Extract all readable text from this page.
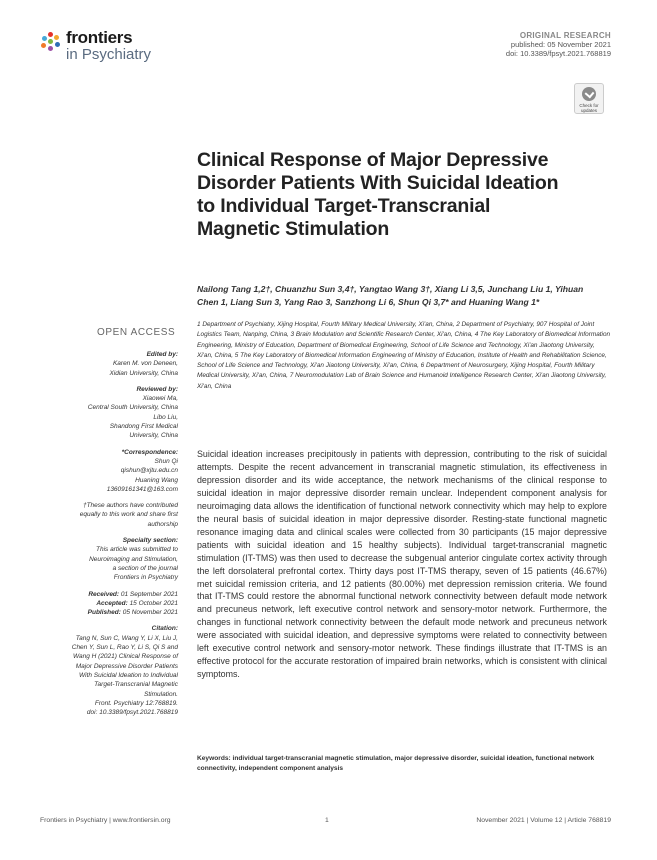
frontiers
in Psychiatry
ORIGINAL RESEARCH
published: 05 November 2021
doi: 10.3389/fpsyt.2021.768819
Check for updates
Clinical Response of Major Depressive Disorder Patients With Suicidal Ideation to Individual Target-Transcranial Magnetic Stimulation
Nailong Tang 1,2†, Chuanzhu Sun 3,4†, Yangtao Wang 3†, Xiang Li 3,5, Junchang Liu 1, Yihuan Chen 1, Liang Sun 3, Yang Rao 3, Sanzhong Li 6, Shun Qi 3,7* and Huaning Wang 1*
1 Department of Psychiatry, Xijing Hospital, Fourth Military Medical University, Xi'an, China, 2 Department of Psychiatry, 907 Hospital of Joint Logistics Team, Nanping, China, 3 Brain Modulation and Scientific Research Center, Xi'an, China, 4 The Key Laboratory of Biomedical Information Engineering, Ministry of Education, Department of Biomedical Engineering, School of Life Science and Technology, Xi'an Jiaotong University, Xi'an, China, 5 The Key Laboratory of Biomedical Information Engineering of Ministry of Education, Institute of Health and Rehabilitation Science, School of Life Science and Technology, Xi'an Jiaotong University, Xi'an, China, 6 Department of Neurosurgery, Xijing Hospital, Fourth Military Medical University, Xi'an, China, 7 Neuromodulation Lab of Brain Science and Humanoid Intelligence Research Center, Xi'an Jiaotong University, Xi'an, China
OPEN ACCESS
Edited by:
Karen M. von Deneen,
Xidian University, China
Reviewed by:
Xiaowei Ma,
Central South University, China
Libo Liu,
Shandong First Medical
University, China
*Correspondence:
Shun Qi
qishun@xjtu.edu.cn
Huaning Wang
13609161341@163.com
†These authors have contributed
equally to this work and share first
authorship
Specialty section:
This article was submitted to
Neuroimaging and Stimulation,
a section of the journal
Frontiers in Psychiatry
Received: 01 September 2021
Accepted: 15 October 2021
Published: 05 November 2021
Citation:
Tang N, Sun C, Wang Y, Li X, Liu J,
Chen Y, Sun L, Rao Y, Li S, Qi S and
Wang H (2021) Clinical Response of
Major Depressive Disorder Patients
With Suicidal Ideation to Individual
Target-Transcranial Magnetic
Stimulation.
Front. Psychiatry 12:768819.
doi: 10.3389/fpsyt.2021.768819

Suicidal ideation increases precipitously in patients with depression, contributing to the risk of suicidal attempts. Despite the recent advancement in transcranial magnetic stimulation, its effectiveness in depression disorder and its wide acceptance, the network mechanisms of the clinical response to suicidal ideation in major depressive disorder remain unclear. Independent component analysis for neuroimaging data allows the identification of functional network connectivity which may help to explore the neural basis of suicidal ideation in major depressive disorder. Resting-state functional magnetic resonance imaging data and clinical scales were collected from 30 participants (15 major depressive patients with suicidal ideation and 15 healthy subjects). Individual target-transcranial magnetic stimulation (IT-TMS) was then used to decrease the subgenual anterior cingulate cortex activity through the left dorsolateral prefrontal cortex. Thirty days post IT-TMS therapy, seven of 15 patients (46.67%) met suicidal remission criteria, and 12 patients (80.00%) met depression remission criteria. We found that IT-TMS could restore the abnormal functional network connectivity between default mode network and precuneus network, left executive control network and sensory-motor network. Furthermore, the changes in functional network connectivity between the default mode network and precuneus network were associated with suicidal ideation, and depressive symptoms were related to connectivity between left executive control network and sensory-motor network. These findings illustrate that IT-TMS is an effective protocol for the accurate restoration of impaired brain networks, which is consistent with clinical symptoms.

Keywords: individual target-transcranial magnetic stimulation, major depressive disorder, suicidal ideation, functional network connectivity, independent component analysis

Frontiers in Psychiatry | www.frontiersin.org	1	November 2021 | Volume 12 | Article 768819
